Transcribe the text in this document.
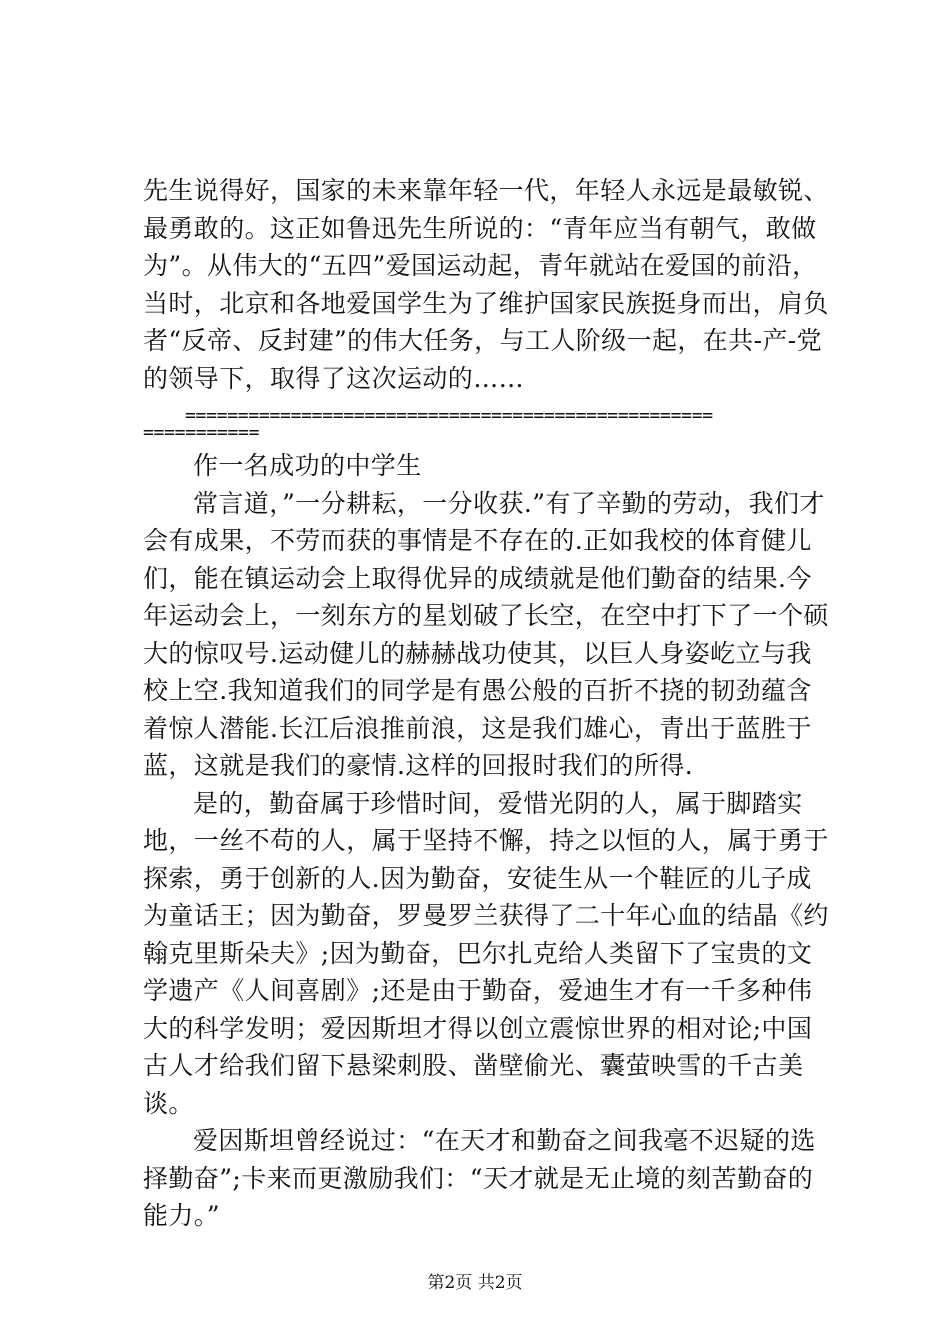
先生说得好，国家的未来靠年轻一代，年轻人永远是最敏锐、最勇敢的。这正如鲁迅先生所说的：“青年应当有朝气，敢做为”。从伟大的“五四”爱国运动起，青年就站在爱国的前沿，当时，北京和各地爱国学生为了维护国家民族挺身而出，肩负者“反帝、反封建”的伟大任务，与工人阶级一起，在共-产-党的领导下，取得了这次运动的……

==================================================
===========

作一名成功的中学生

常言道，”一分耕耘，一分收获.”有了辛勤的劳动，我们才会有成果，不劳而获的事情是不存在的.正如我校的体育健儿们，能在镇运动会上取得优异的成绩就是他们勤奋的结果.今年运动会上，一刻东方的星划破了长空，在空中打下了一个硕大的惊叹号.运动健儿的赫赫战功使其，以巨人身姿屹立与我校上空.我知道我们的同学是有愚公般的百折不挠的韧劲蕴含着惊人潜能.长江后浪推前浪，这是我们雄心，青出于蓝胜于蓝，这就是我们的豪情.这样的回报时我们的所得.

是的，勤奋属于珍惜时间，爱惜光阴的人，属于脚踏实地，一丝不苟的人，属于坚持不懈，持之以恒的人，属于勇于探索，勇于创新的人.因为勤奋，安徒生从一个鞋匠的儿子成为童话王；因为勤奋，罗曼罗兰获得了二十年心血的结晶《约翰克里斯朵夫》;因为勤奋，巴尔扎克给人类留下了宝贵的文学遗产《人间喜剧》;还是由于勤奋，爱迪生才有一千多种伟大的科学发明；爱因斯坦才得以创立震惊世界的相对论;中国古人才给我们留下悬梁刺股、凿壁偷光、囊萤映雪的千古美谈。

爱因斯坦曾经说过：“在天才和勤奋之间我毫不迟疑的选择勤奋”;卡来而更激励我们：“天才就是无止境的刻苦勤奋的能力。”

第2页 共2页
